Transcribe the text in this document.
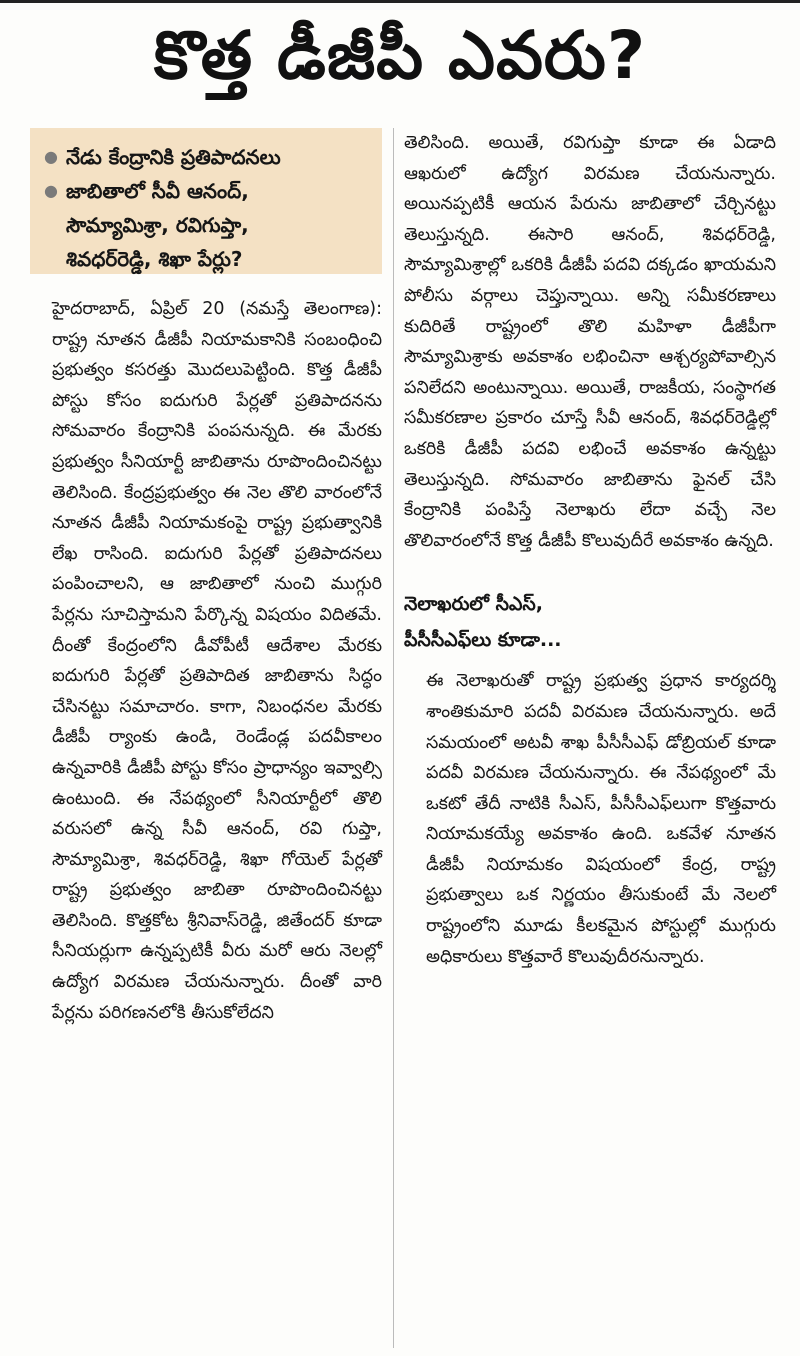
కొత్త డీజీపీ ఎవరు?
● నేడు కేంద్రానికి ప్రతిపాదనలు
● జాబితాలో సీవీ ఆనంద్,
సౌమ్యామిశ్రా, రవిగుప్తా,
శివధర్‌రెడ్డి, శిఖా పేర్లు?

హైదరాబాద్, ఏప్రిల్ 20 (నమస్తే తెలంగాణ): రాష్ట్ర నూతన డీజీపీ నియామకానికి సంబంధించి ప్రభుత్వం కసరత్తు మొదలుపెట్టింది. కొత్త డీజీపీ పోస్టు కోసం ఐదుగురి పేర్లతో ప్రతిపాదనను సోమవారం కేంద్రానికి పంపనున్నది. ఈ మేరకు ప్రభుత్వం సీనియార్టీ జాబితాను రూపొందించినట్టు తెలిసింది. కేంద్రప్రభుత్వం ఈ నెల తొలి వారంలోనే నూతన డీజీపీ నియామకంపై రాష్ట్ర ప్రభుత్వానికి లేఖ రాసింది. ఐదుగురి పేర్లతో ప్రతిపాదనలు పంపించాలని, ఆ జాబితాలో నుంచి ముగ్గురి పేర్లను సూచిస్తామని పేర్కొన్న విషయం విదితమే. దీంతో కేంద్రంలోని డీవోపీటీ ఆదేశాల మేరకు ఐదుగురి పేర్లతో ప్రతిపాదిత జాబితాను సిద్ధం చేసినట్టు సమాచారం. కాగా, నిబంధనల మేరకు డీజీపీ ర్యాంకు ఉండి, రెండేండ్ల పదవీకాలం ఉన్నవారికి డీజీపీ పోస్టు కోసం ప్రాధాన్యం ఇవ్వాల్సి ఉంటుంది. ఈ నేపథ్యంలో సీనియార్టీలో తొలి వరుసలో ఉన్న సీవీ ఆనంద్, రవి గుప్తా, సౌమ్యామిశ్రా, శివధర్‌రెడ్డి, శిఖా గోయెల్ పేర్లతో రాష్ట్ర ప్రభుత్వం జాబితా రూపొందించినట్టు తెలిసింది. కొత్తకోట శ్రీనివాస్‌రెడ్డి, జితేందర్ కూడా సీనియర్లుగా ఉన్నప్పటికీ వీరు మరో ఆరు నెలల్లో ఉద్యోగ విరమణ చేయనున్నారు. దీంతో వారి పేర్లను పరిగణనలోకి తీసుకోలేదని

తెలిసింది. అయితే, రవిగుప్తా కూడా ఈ ఏడాది ఆఖరులో ఉద్యోగ విరమణ చేయనున్నారు. అయినప్పటికీ ఆయన పేరును జాబితాలో చేర్చినట్టు తెలుస్తున్నది. ఈసారి ఆనంద్, శివధర్‌రెడ్డి, సౌమ్యామిశ్రాల్లో ఒకరికి డీజీపీ పదవి దక్కడం ఖాయమని పోలీసు వర్గాలు చెప్తున్నాయి. అన్ని సమీకరణాలు కుదిరితే రాష్ట్రంలో తొలి మహిళా డీజీపీగా సౌమ్యామిశ్రాకు అవకాశం లభించినా ఆశ్చర్యపోవాల్సిన పనిలేదని అంటున్నాయి. అయితే, రాజకీయ, సంస్థాగత సమీకరణాల ప్రకారం చూస్తే సీవీ ఆనంద్, శివధర్‌రెడ్డిల్లో ఒకరికి డీజీపీ పదవి లభించే అవకాశం ఉన్నట్టు తెలుస్తున్నది. సోమవారం జాబితాను ఫైనల్ చేసి కేంద్రానికి పంపిస్తే నెలాఖరు లేదా వచ్చే నెల తొలివారంలోనే కొత్త డీజీపీ కొలువుదీరే అవకాశం ఉన్నది.

నెలాఖరులో సీఎస్,
పీసీసీఎఫ్‌లు కూడా...

ఈ నెలాఖరుతో రాష్ట్ర ప్రభుత్వ ప్రధాన కార్యదర్శి శాంతికుమారి పదవీ విరమణ చేయనున్నారు. అదే సమయంలో అటవీ శాఖ పీసీసీఎఫ్ డోబ్రియల్ కూడా పదవీ విరమణ చేయనున్నారు. ఈ నేపథ్యంలో మే ఒకటో తేదీ నాటికి సీఎస్, పీసీసీఎఫ్‌లుగా కొత్తవారు నియామకయ్యే అవకాశం ఉంది. ఒకవేళ నూతన డీజీపీ నియామకం విషయంలో కేంద్ర, రాష్ట్ర ప్రభుత్వాలు ఒక నిర్ణయం తీసుకుంటే మే నెలలో రాష్ట్రంలోని మూడు కీలకమైన పోస్టుల్లో ముగ్గురు అధికారులు కొత్తవారే కొలువుదీరనున్నారు.
